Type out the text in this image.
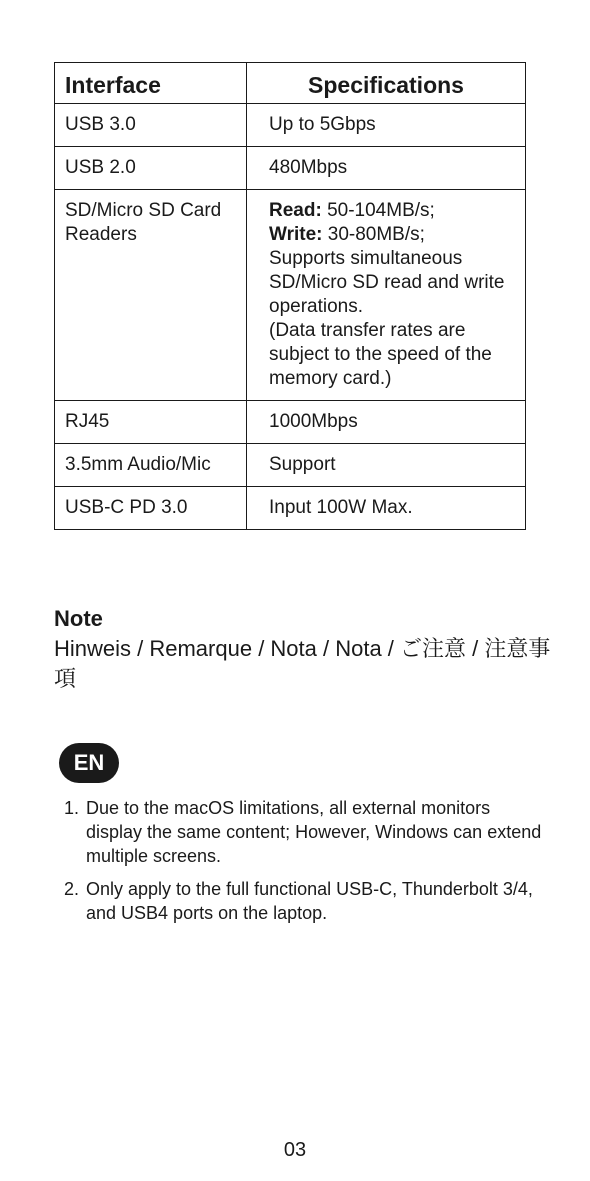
Interface	Specifications
USB 3.0	Up to 5Gbps
USB 2.0	480Mbps
SD/Micro SD Card Readers	Read: 50-104MB/s;
Write: 30-80MB/s;
Supports simultaneous SD/Micro SD read and write operations.
(Data transfer rates are subject to the speed of the memory card.)

RJ45	1000Mbps
3.5mm Audio/Mic	Support
USB-C PD 3.0	Input 100W Max.
Note
Hinweis / Remarque / Nota / Nota / ご注意 / 注意事項
EN
1. Due to the macOS limitations, all external monitors display the same content; However, Windows can extend multiple screens.
2. Only apply to the full functional USB-C, Thunderbolt 3/4, and USB4 ports on the laptop.
03
